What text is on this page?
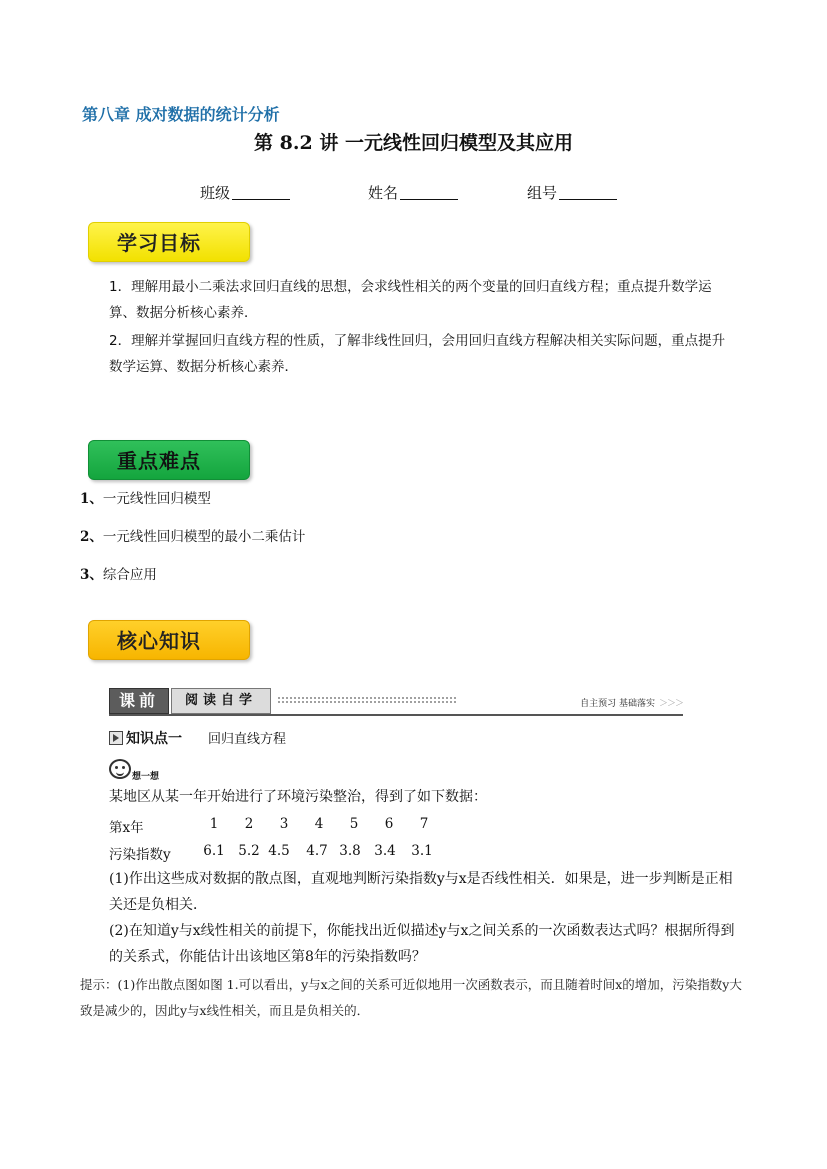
第八章 成对数据的统计分析
第 8.2 讲 一元线性回归模型及其应用
班级	姓名	组号
学习目标

1．理解用最小二乘法求回归直线的思想，会求线性相关的两个变量的回归直线方程；重点提升数学运算、数据分析核心素养．

2．理解并掌握回归直线方程的性质，了解非线性回归，会用回归直线方程解决相关实际问题，重点提升数学运算、数据分析核心素养．

重点难点
1、一元线性回归模型
2、一元线性回归模型的最小二乘估计
3、综合应用
核心知识
课前	阅读自学	自主预习 基础落实 ＞＞＞
知识点一 回归直线方程
$_{想一想}$
某地区从某一年开始进行了环境污染整治，得到了如下数据：
第x年	1	2	3	4	5	6	7
污染指数y	6.1	5.2 4.5	4.7 3.8	3.4	3.1
(1)作出这些成对数据的散点图，直观地判断污染指数y与x是否线性相关．如果是，进一步判断是正相关还是负相关．
(2)在知道y与x线性相关的前提下，你能找出近似描述y与x之间关系的一次函数表达式吗？根据所得到的关系式，你能估计出该地区第8年的污染指数吗？
提示：(1)作出散点图如图 1.可以看出，y与x之间的关系可近似地用一次函数表示，而且随着时间x的增加，污染指数y大致是减少的，因此y与x线性相关，而且是负相关的．
